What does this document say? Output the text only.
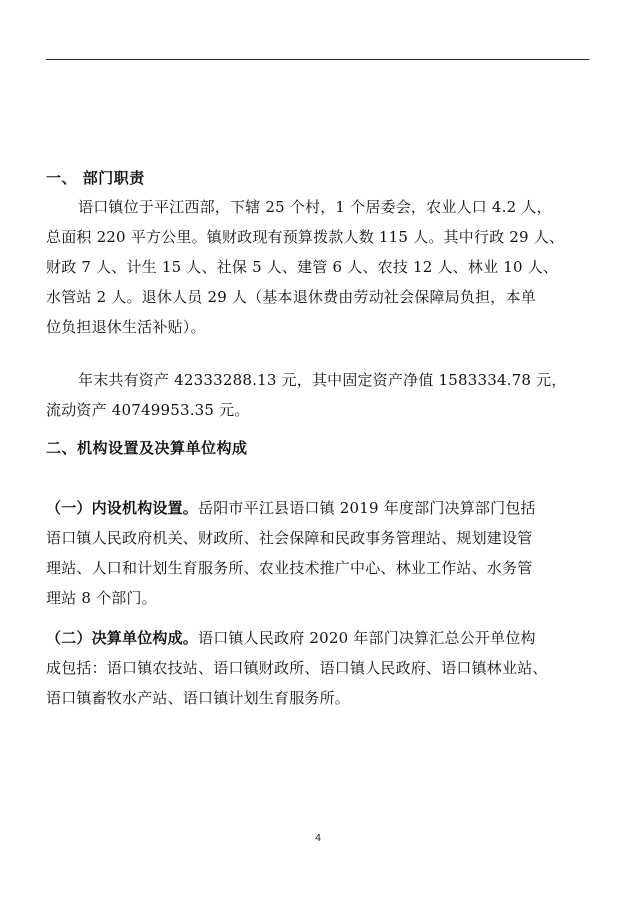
一、 部门职责
语口镇位于平江西部，下辖 25 个村，1 个居委会，农业人口 4.2 人，
总面积 220 平方公里。镇财政现有预算拨款人数 115 人。其中行政 29 人、
财政 7 人、计生 15 人、社保 5 人、建管 6 人、农技 12 人、林业 10 人、
水管站 2 人。退休人员 29 人（基本退休费由劳动社会保障局负担，本单
位负担退休生活补贴）。
年末共有资产 42333288.13 元，其中固定资产净值 1583334.78 元，
流动资产 40749953.35 元。
二、机构设置及决算单位构成
（一）内设机构设置。岳阳市平江县语口镇 2019 年度部门决算部门包括
语口镇人民政府机关、财政所、社会保障和民政事务管理站、规划建设管
理站、人口和计划生育服务所、农业技术推广中心、林业工作站、水务管
理站 8 个部门。
（二）决算单位构成。语口镇人民政府 2020 年部门决算汇总公开单位构
成包括：语口镇农技站、语口镇财政所、语口镇人民政府、语口镇林业站、
语口镇畜牧水产站、语口镇计划生育服务所。
4
